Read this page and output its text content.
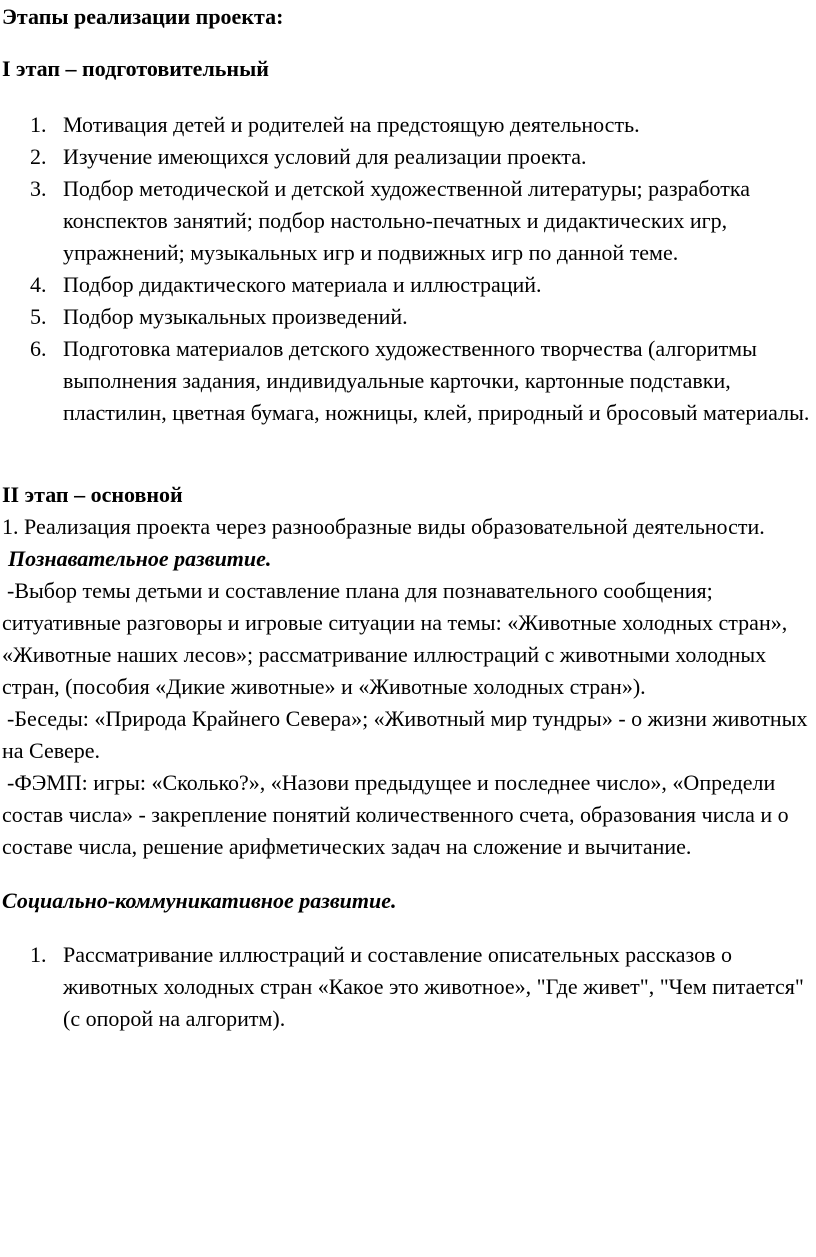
Этапы реализации проекта:
I этап – подготовительный
1. Мотивация детей и родителей на предстоящую деятельность.
2. Изучение имеющихся условий для реализации проекта.
3. Подбор методической и детской художественной литературы; разработка конспектов занятий; подбор настольно-печатных и дидактических игр, упражнений; музыкальных игр и подвижных игр по данной теме.
4. Подбор дидактического материала и иллюстраций.
5. Подбор музыкальных произведений.
6. Подготовка материалов детского художественного творчества (алгоритмы выполнения задания, индивидуальные карточки, картонные подставки, пластилин, цветная бумага, ножницы, клей, природный и бросовый материалы.
II этап – основной

1. Реализация проекта через разнообразные виды образовательной деятельности.

Познавательное развитие.

-Выбор темы детьми и составление плана для познавательного сообщения; ситуативные разговоры и игровые ситуации на темы: «Животные холодных стран», «Животные наших лесов»; рассматривание иллюстраций с животными холодных стран, (пособия «Дикие животные» и «Животные холодных стран»).

-Беседы: «Природа Крайнего Севера»; «Животный мир тундры» - о жизни животных на Севере.

-ФЭМП: игры: «Сколько?», «Назови предыдущее и последнее число», «Определи состав числа» - закрепление понятий количественного счета, образования числа и о составе числа, решение арифметических задач на сложение и вычитание.

Социально-коммуникативное развитие.

1. Рассматривание иллюстраций и составление описательных рассказов о животных холодных стран «Какое это животное», "Где живет", "Чем питается" (с опорой на алгоритм).
